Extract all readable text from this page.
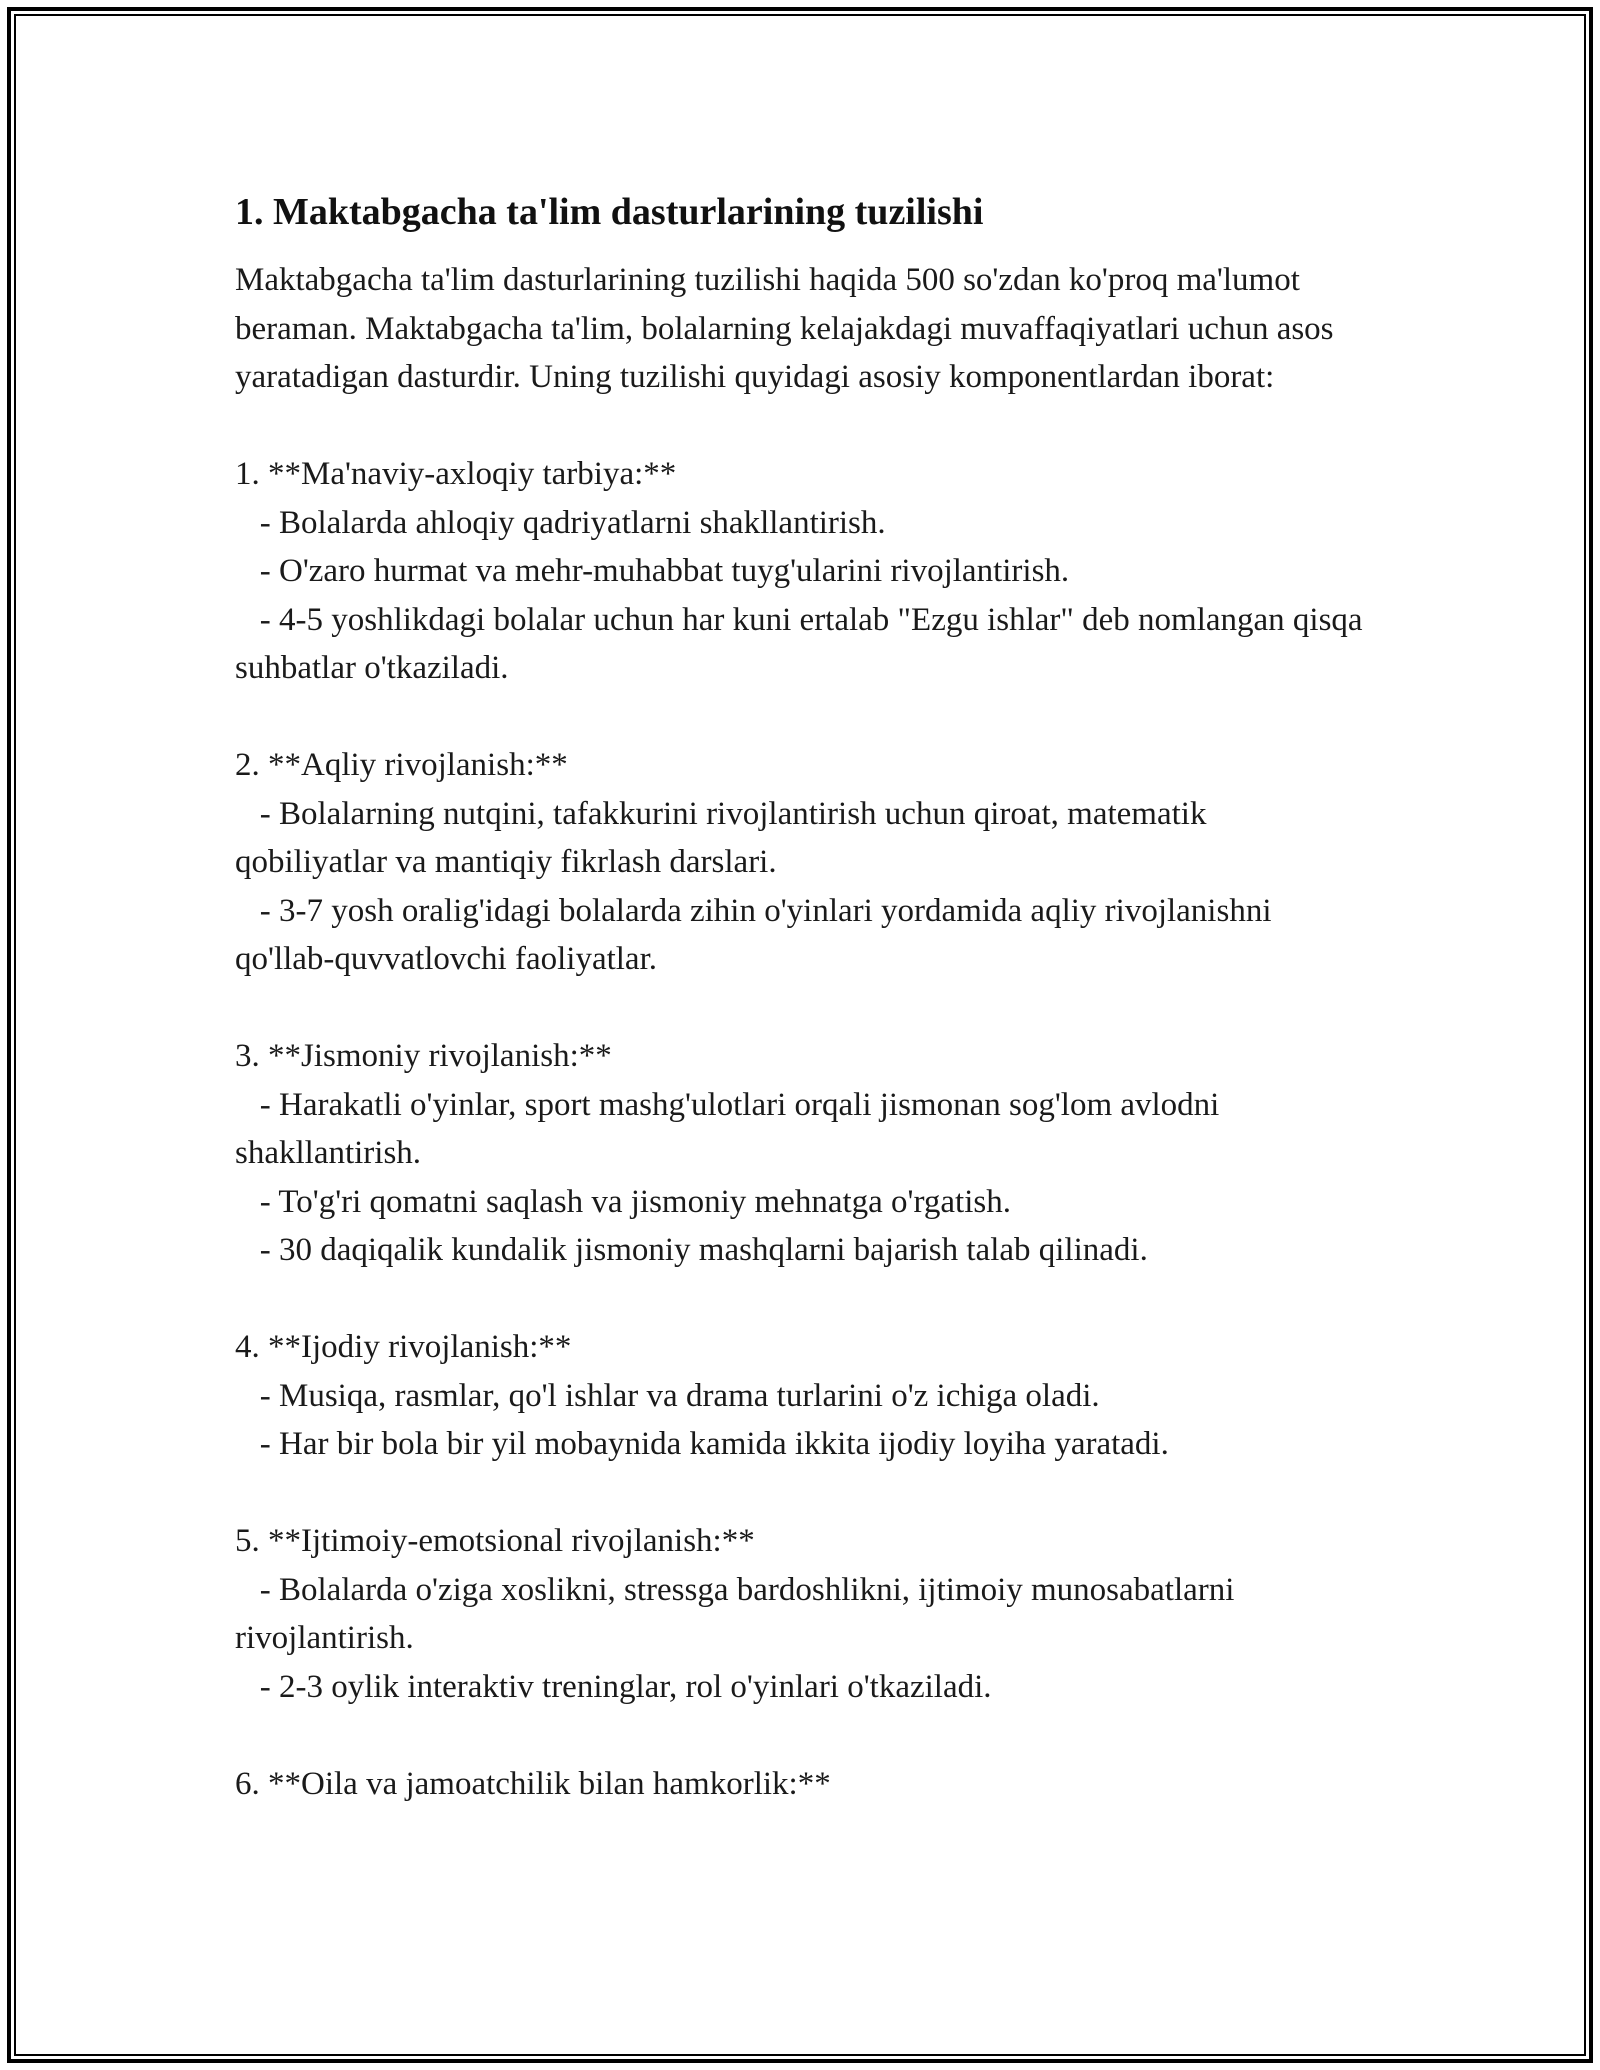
1. Maktabgacha ta'lim dasturlarining tuzilishi

Maktabgacha ta'lim dasturlarining tuzilishi haqida 500 so'zdan ko'proq ma'lumot beraman. Maktabgacha ta'lim, bolalarning kelajakdagi muvaffaqiyatlari uchun asos yaratadigan dasturdir. Uning tuzilishi quyidagi asosiy komponentlardan iborat:

1. **Ma'naviy-axloqiy tarbiya:**

- Bolalarda ahloqiy qadriyatlarni shakllantirish.

- O'zaro hurmat va mehr-muhabbat tuyg'ularini rivojlantirish.

- 4-5 yoshlikdagi bolalar uchun har kuni ertalab "Ezgu ishlar" deb nomlangan qisqa suhbatlar o'tkaziladi.

2. **Aqliy rivojlanish:**

- Bolalarning nutqini, tafakkurini rivojlantirish uchun qiroat, matematik qobiliyatlar va mantiqiy fikrlash darslari.

- 3-7 yosh oralig'idagi bolalarda zihin o'yinlari yordamida aqliy rivojlanishni qo'llab-quvvatlovchi faoliyatlar.

3. **Jismoniy rivojlanish:**

- Harakatli o'yinlar, sport mashg'ulotlari orqali jismonan sog'lom avlodni shakllantirish.

- To'g'ri qomatni saqlash va jismoniy mehnatga o'rgatish.

- 30 daqiqalik kundalik jismoniy mashqlarni bajarish talab qilinadi.

4. **Ijodiy rivojlanish:**

- Musiqa, rasmlar, qo'l ishlar va drama turlarini o'z ichiga oladi.

- Har bir bola bir yil mobaynida kamida ikkita ijodiy loyiha yaratadi.

5. **Ijtimoiy-emotsional rivojlanish:**

- Bolalarda o'ziga xoslikni, stressga bardoshlikni, ijtimoiy munosabatlarni rivojlantirish.

- 2-3 oylik interaktiv treninglar, rol o'yinlari o'tkaziladi.

6. **Oila va jamoatchilik bilan hamkorlik:**
